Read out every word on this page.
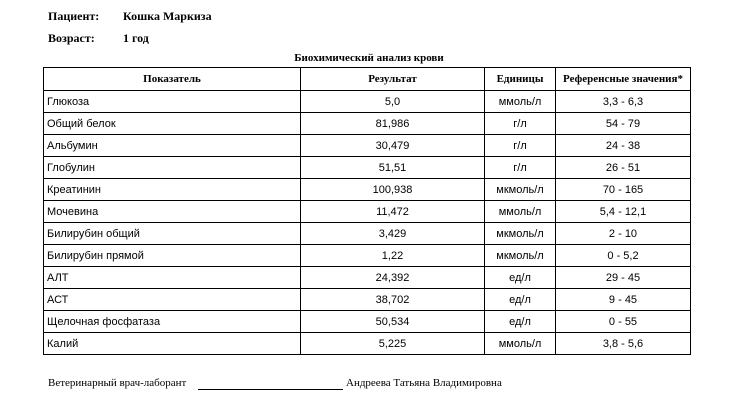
Пациент: Кошка Маркиза
Возраст: 1 год
Биохимический анализ крови
Показатель	Результат	Единицы	Референсные значения*
Глюкоза	5,0	ммоль/л	3,3 - 6,3
Общий белок	81,986	г/л	54 - 79
Альбумин	30,479	г/л	24 - 38
Глобулин	51,51	г/л	26 - 51
Креатинин	100,938	мкмоль/л	70 - 165
Мочевина	11,472	ммоль/л	5,4 - 12,1
Билирубин общий	3,429	мкмоль/л	2 - 10
Билирубин прямой	1,22	мкмоль/л	0 - 5,2
АЛТ	24,392	ед/л	29 - 45
АСТ	38,702	ед/л	9 - 45
Щелочная фосфатаза	50,534	ед/л	0 - 55
Калий	5,225	ммоль/л	3,8 - 5,6
Ветеринарный врач-лаборант	Андреева Татьяна Владимировна
